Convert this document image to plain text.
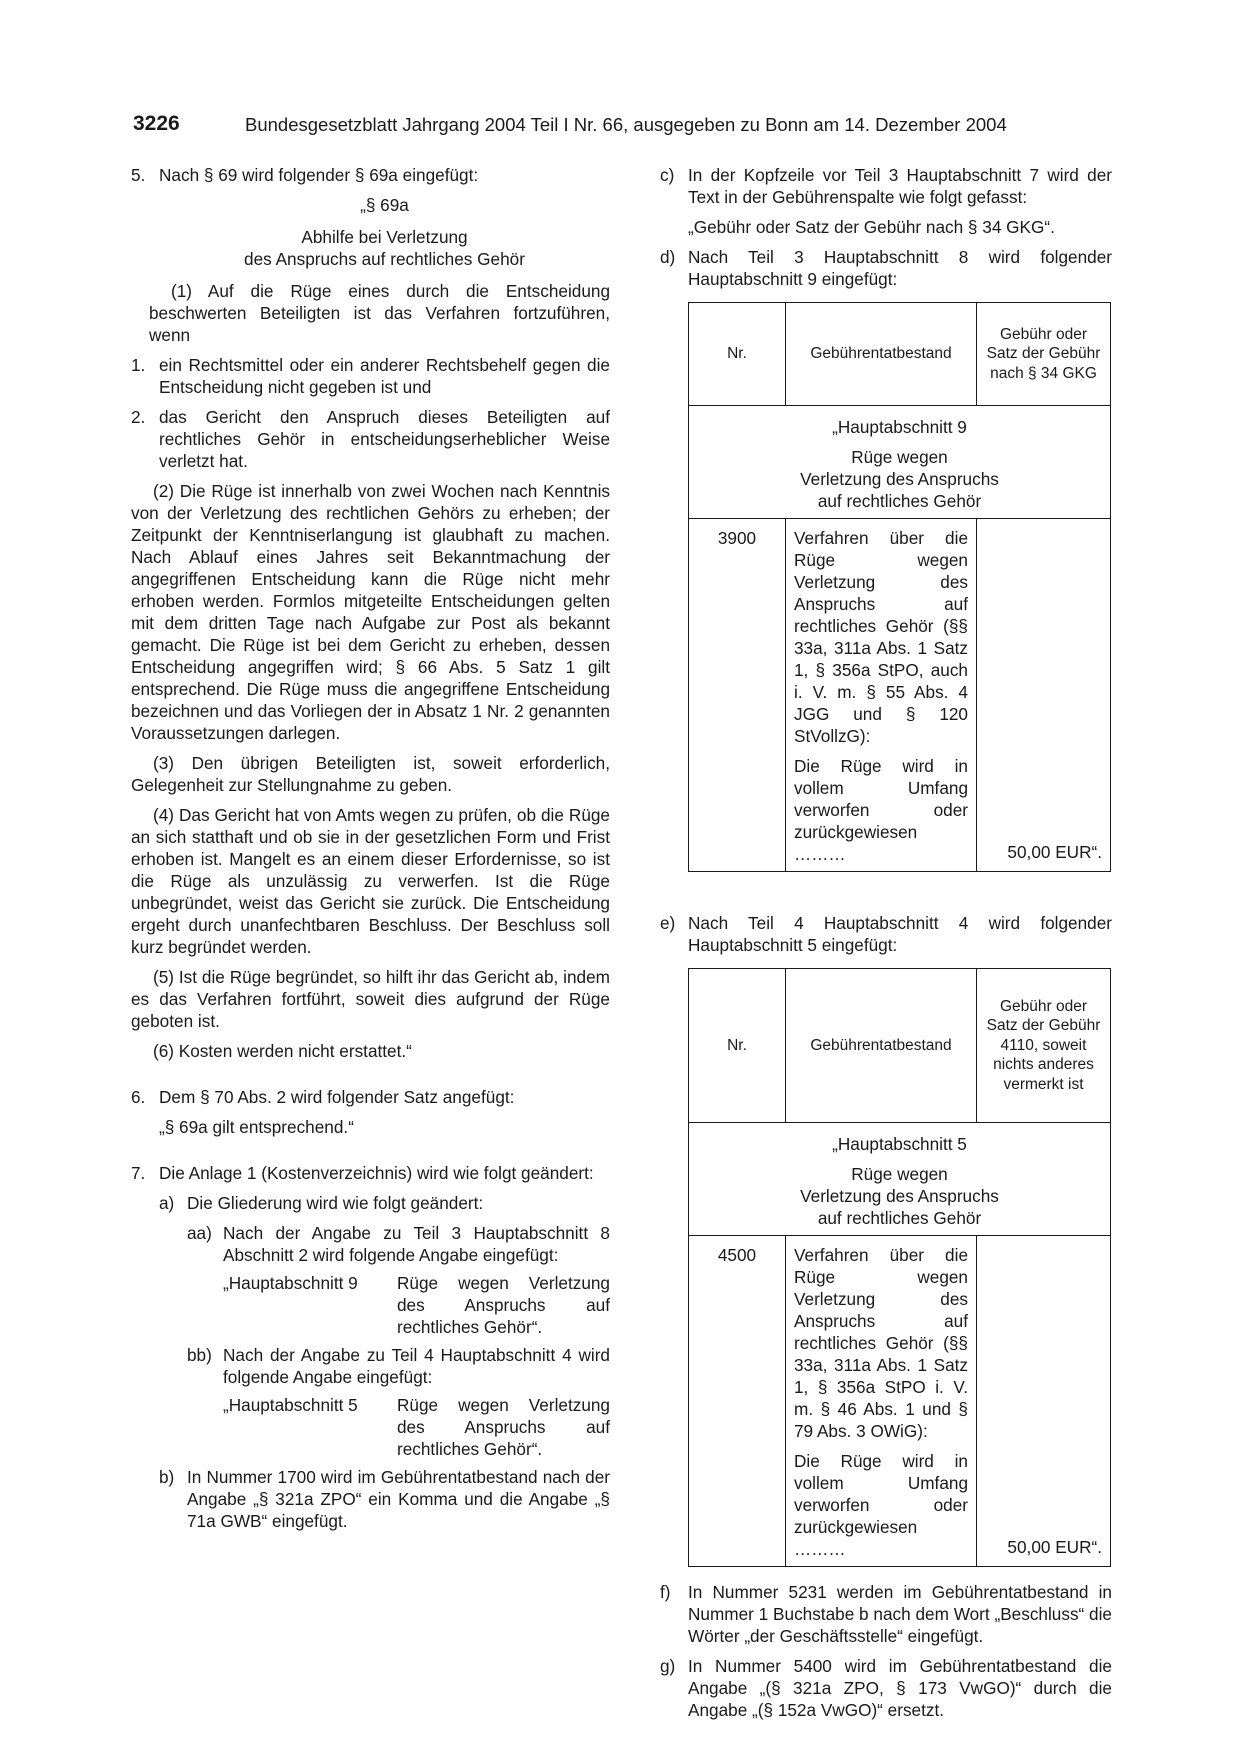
3226	Bundesgesetzblatt Jahrgang 2004 Teil I Nr. 66, ausgegeben zu Bonn am 14. Dezember 2004
5. Nach § 69 wird folgender § 69a eingefügt:

„§ 69a

Abhilfe bei Verletzung

des Anspruchs auf rechtliches Gehör

(1) Auf die Rüge eines durch die Entscheidung beschwerten Beteiligten ist das Verfahren fortzuführen, wenn

1. ein Rechtsmittel oder ein anderer Rechtsbehelf gegen die Entscheidung nicht gegeben ist und

2. das Gericht den Anspruch dieses Beteiligten auf rechtliches Gehör in entscheidungserheblicher Weise verletzt hat.

(2) Die Rüge ist innerhalb von zwei Wochen nach Kenntnis von der Verletzung des rechtlichen Gehörs zu erheben; der Zeitpunkt der Kenntniserlangung ist glaubhaft zu machen. Nach Ablauf eines Jahres seit Bekanntmachung der angegriffenen Entscheidung kann die Rüge nicht mehr erhoben werden. Formlos mitgeteilte Entscheidungen gelten mit dem dritten Tage nach Aufgabe zur Post als bekannt gemacht. Die Rüge ist bei dem Gericht zu erheben, dessen Entscheidung angegriffen wird; § 66 Abs. 5 Satz 1 gilt entsprechend. Die Rüge muss die angegriffene Entscheidung bezeichnen und das Vorliegen der in Absatz 1 Nr. 2 genannten Voraussetzungen darlegen.

(3) Den übrigen Beteiligten ist, soweit erforderlich, Gelegenheit zur Stellungnahme zu geben.

(4) Das Gericht hat von Amts wegen zu prüfen, ob die Rüge an sich statthaft und ob sie in der gesetzlichen Form und Frist erhoben ist. Mangelt es an einem dieser Erfordernisse, so ist die Rüge als unzulässig zu verwerfen. Ist die Rüge unbegründet, weist das Gericht sie zurück. Die Entscheidung ergeht durch unanfechtbaren Beschluss. Der Beschluss soll kurz begründet werden.

(5) Ist die Rüge begründet, so hilft ihr das Gericht ab, indem es das Verfahren fortführt, soweit dies aufgrund der Rüge geboten ist.

(6) Kosten werden nicht erstattet.“

6. Dem § 70 Abs. 2 wird folgender Satz angefügt:

„§ 69a gilt entsprechend.“

7. Die Anlage 1 (Kostenverzeichnis) wird wie folgt geändert:

a) Die Gliederung wird wie folgt geändert:

aa) Nach der Angabe zu Teil 3 Hauptabschnitt 8 Abschnitt 2 wird folgende Angabe eingefügt:

„Hauptabschnitt 9	Rüge wegen Verletzung des Anspruchs auf rechtliches Gehör“.
bb) Nach der Angabe zu Teil 4 Hauptabschnitt 4 wird folgende Angabe eingefügt:

„Hauptabschnitt 5	Rüge wegen Verletzung des Anspruchs auf rechtliches Gehör“.
b) In Nummer 1700 wird im Gebührentatbestand nach der Angabe „§ 321a ZPO“ ein Komma und die Angabe „§ 71a GWB“ eingefügt.

c) In der Kopfzeile vor Teil 3 Hauptabschnitt 7 wird der Text in der Gebührenspalte wie folgt gefasst:

„Gebühr oder Satz der Gebühr nach § 34 GKG“.

d) Nach Teil 3 Hauptabschnitt 8 wird folgender Hauptabschnitt 9 eingefügt:

Nr.	Gebührentatbestand	Gebühr oder Satz der Gebühr nach § 34 GKG

„Hauptabschnitt 9

Rüge wegen

Verletzung des Anspruchs

auf rechtliches Gehör		

3900	Verfahren über die Rüge wegen Verletzung des Anspruchs auf rechtliches Gehör (§§ 33a, 311a Abs. 1 Satz 1, § 356a StPO, auch i. V. m. § 55 Abs. 4 JGG und § 120 StVollzG):

Die Rüge wird in vollem Umfang verworfen oder zurückgewiesen ………	50,00 EUR“.
e) Nach Teil 4 Hauptabschnitt 4 wird folgender Hauptabschnitt 5 eingefügt:

Nr.	Gebührentatbestand	Gebühr oder Satz der Gebühr 4110, soweit nichts anderes vermerkt ist

„Hauptabschnitt 5

Rüge wegen

Verletzung des Anspruchs

auf rechtliches Gehör		

4500	Verfahren über die Rüge wegen Verletzung des Anspruchs auf rechtliches Gehör (§§ 33a, 311a Abs. 1 Satz 1, § 356a StPO i. V. m. § 46 Abs. 1 und § 79 Abs. 3 OWiG):

Die Rüge wird in vollem Umfang verworfen oder zurückgewiesen ………	50,00 EUR“.
f) In Nummer 5231 werden im Gebührentatbestand in Nummer 1 Buchstabe b nach dem Wort „Beschluss“ die Wörter „der Geschäftsstelle“ eingefügt.

g) In Nummer 5400 wird im Gebührentatbestand die Angabe „(§ 321a ZPO, § 173 VwGO)“ durch die Angabe „(§ 152a VwGO)“ ersetzt.
